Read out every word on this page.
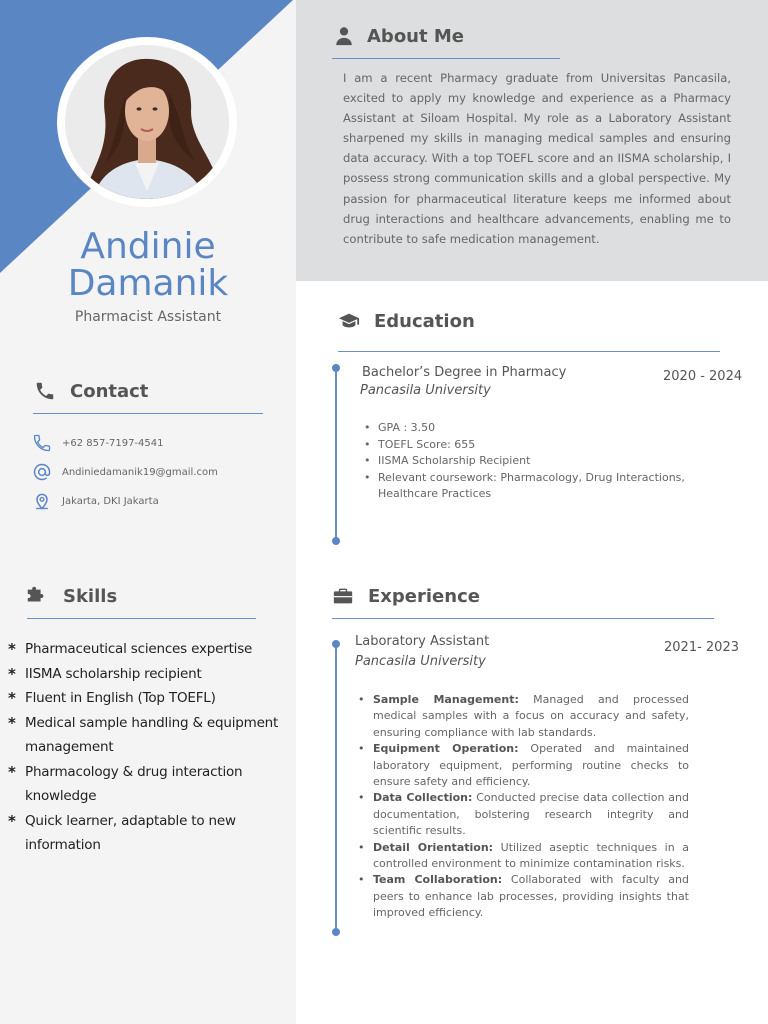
Andinie
Damanik
Pharmacist Assistant
Contact
+62 857-7197-4541
Andiniedamanik19@gmail.com
Jakarta, DKI Jakarta
Skills
* Pharmaceutical sciences expertise
* IISMA scholarship recipient
* Fluent in English (Top TOEFL)
* Medical sample handling & equipment management
* Pharmacology & drug interaction knowledge
* Quick learner, adaptable to new information
About Me
I am a recent Pharmacy graduate from Universitas Pancasila, excited to apply my knowledge and experience as a Pharmacy Assistant at Siloam Hospital. My role as a Laboratory Assistant sharpened my skills in managing medical samples and ensuring data accuracy. With a top TOEFL score and an IISMA scholarship, I possess strong communication skills and a global perspective. My passion for pharmaceutical literature keeps me informed about drug interactions and healthcare advancements, enabling me to contribute to safe medication management.
Education
Bachelor’s Degree in Pharmacy
Pancasila University
2020 - 2024
• GPA : 3.50
• TOEFL Score: 655
• IISMA Scholarship Recipient
• Relevant coursework: Pharmacology, Drug Interactions, Healthcare Practices
Experience
Laboratory Assistant
Pancasila University
2021- 2023
• Sample Management: Managed and processed medical samples with a focus on accuracy and safety, ensuring compliance with lab standards.
• Equipment Operation: Operated and maintained laboratory equipment, performing routine checks to ensure safety and efficiency.
• Data Collection: Conducted precise data collection and documentation, bolstering research integrity and scientific results.
• Detail Orientation: Utilized aseptic techniques in a controlled environment to minimize contamination risks.
• Team Collaboration: Collaborated with faculty and peers to enhance lab processes, providing insights that improved efficiency.
